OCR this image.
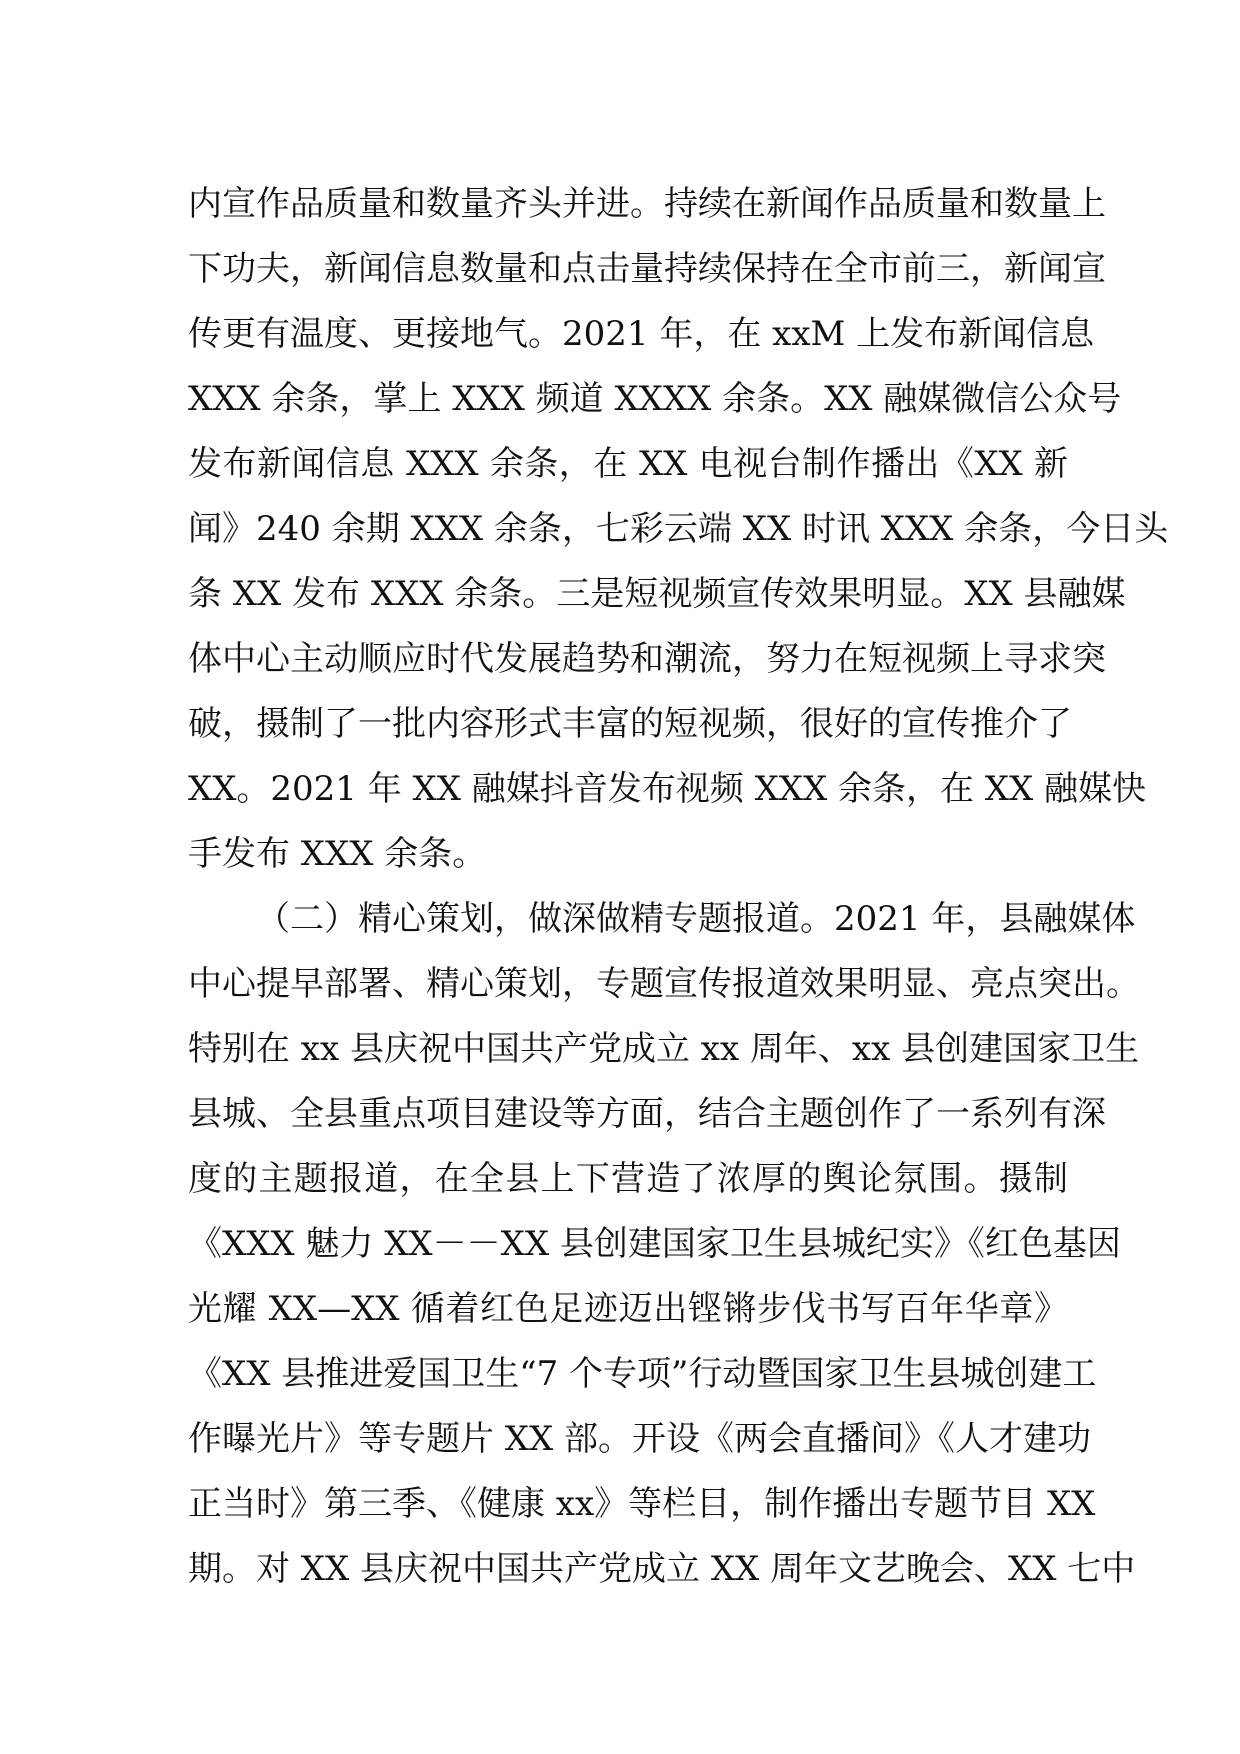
内宣作品质量和数量齐头并进。持续在新闻作品质量和数量上

下功夫，新闻信息数量和点击量持续保持在全市前三，新闻宣

传更有温度、更接地气。2021 年，在 xxM 上发布新闻信息

XXX 余条，掌上 XXX 频道 XXXX 余条。XX 融媒微信公众号

发布新闻信息 XXX 余条，在 XX 电视台制作播出《XX 新

闻》240 余期 XXX 余条，七彩云端 XX 时讯 XXX 余条，今日头

条 XX 发布 XXX 余条。三是短视频宣传效果明显。XX 县融媒

体中心主动顺应时代发展趋势和潮流，努力在短视频上寻求突

破，摄制了一批内容形式丰富的短视频，很好的宣传推介了

XX。2021 年 XX 融媒抖音发布视频 XXX 余条，在 XX 融媒快

手发布 XXX 余条。

（二）精心策划，做深做精专题报道。2021 年，县融媒体

中心提早部署、精心策划，专题宣传报道效果明显、亮点突出。

特别在 xx 县庆祝中国共产党成立 xx 周年、xx 县创建国家卫生

县城、全县重点项目建设等方面，结合主题创作了一系列有深

度的主题报道，在全县上下营造了浓厚的舆论氛围。摄制

《XXX 魅力 XX－－XX 县创建国家卫生县城纪实》《红色基因

光耀 XX—XX 循着红色足迹迈出铿锵步伐书写百年华章》

《XX 县推进爱国卫生“7 个专项”行动暨国家卫生县城创建工

作曝光片》等专题片 XX 部。开设《两会直播间》《人才建功

正当时》第三季、《健康 xx》等栏目，制作播出专题节目 XX

期。对 XX 县庆祝中国共产党成立 XX 周年文艺晚会、XX 七中
